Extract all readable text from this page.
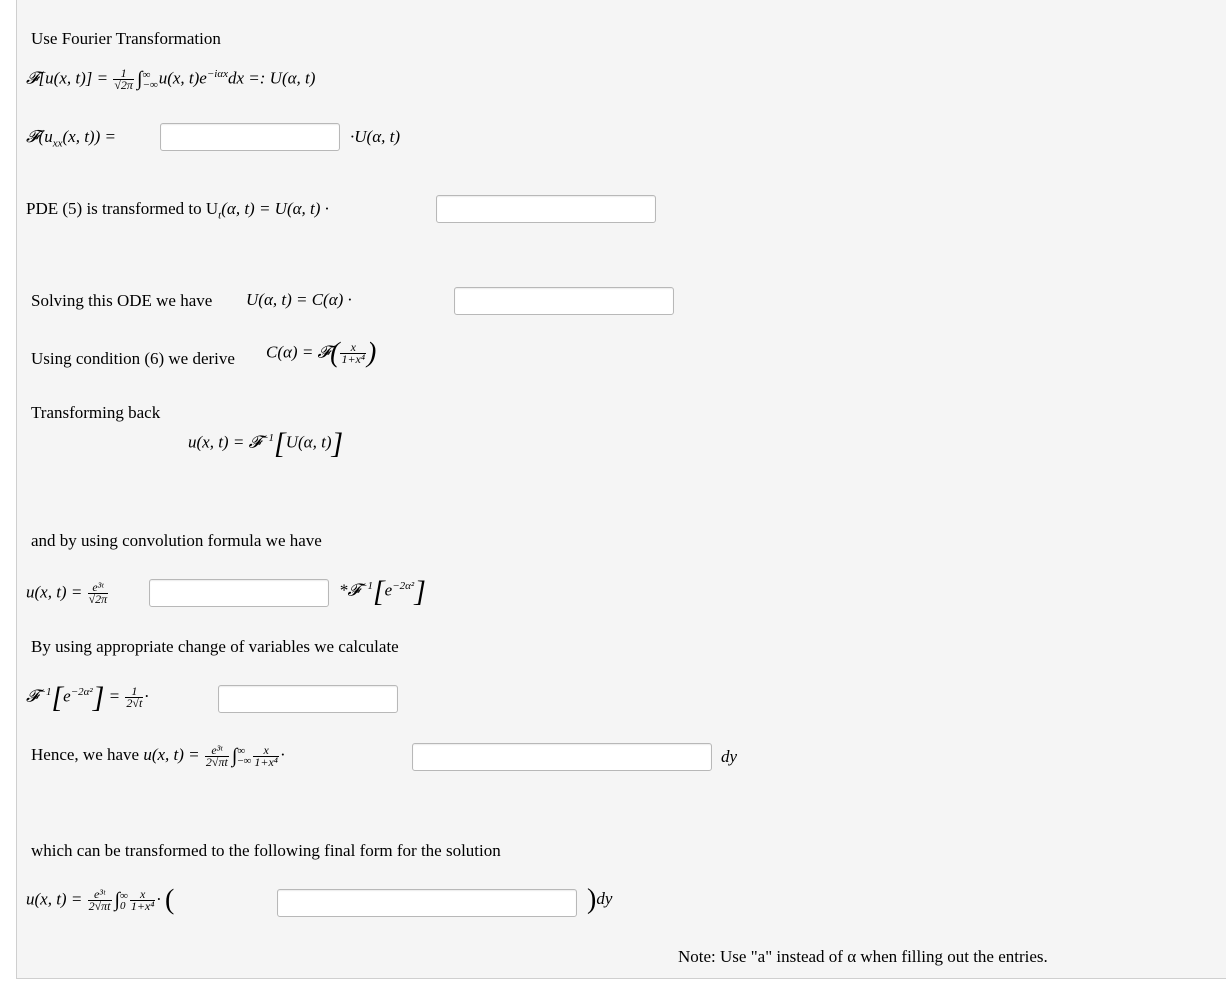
Use Fourier Transformation
𝓕[u(x, $t)] = \frac{1}{√2\pi}$ ∫ ∞
−∞ u(x, $t)e^{-i\alpha x}dx$ =: U(α, t)
$𝓕(u_{xx}(x$, t)) =	·U(α, t)
PDE (5) is transformed to $U_t(\alpha$, t) = U(α, t) ·
Solving this ODE we have U(α, t) = C(α) ·
Using condition (6) we derive C(α) = 𝓕( $\frac{x}{\text{1+x⁴}}$ )
Transforming back
u(x, t) = 𝓕$^{-1}$[U(α, t)]
and by using convolution formula we have
u(x, $t) = \frac{\text{e³ᵗ}}{√2\pi}$	$*𝓕^{-1}[e^{-2\alpha^2}]$
By using appropriate change of variables we calculate
$𝓕^{-1}[e^{-2\alpha^2}] = \frac{1}{2√t}$ ·
Hence, we have u(x, $t) = \frac{\text{e³ᵗ}}{2√\pi t}$ ∫ ∞
−∞ $\frac{x}{\text{1+x⁴}}$ ·	dy
which can be transformed to the following final form for the solution
u(x, $t) = \frac{\text{e³ᵗ}}{2√\pi t}$ ∫ ∞
$0 \frac{x}{\text{1+x⁴}}$ · (	)dy
Note: Use "a" instead of α when filling out the entries.
